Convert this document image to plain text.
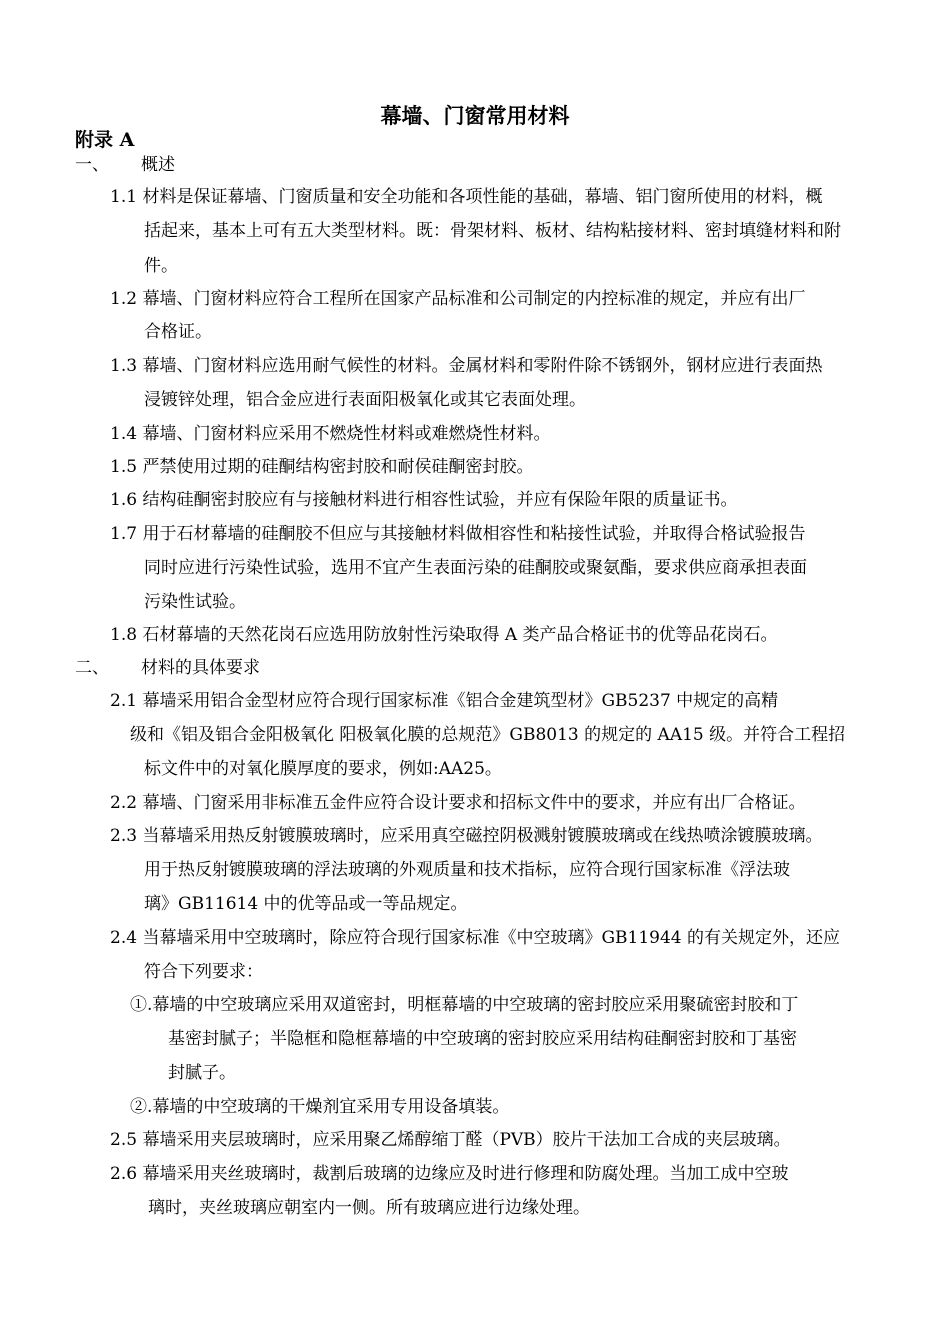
幕墙、门窗常用材料
附录 A
一、 概述
1.1 材料是保证幕墙、门窗质量和安全功能和各项性能的基础，幕墙、铝门窗所使用的材料，概
括起来，基本上可有五大类型材料。既：骨架材料、板材、结构粘接材料、密封填缝材料和附
件。
1.2 幕墙、门窗材料应符合工程所在国家产品标准和公司制定的内控标准的规定，并应有出厂
合格证。
1.3 幕墙、门窗材料应选用耐气候性的材料。金属材料和零附件除不锈钢外，钢材应进行表面热
浸镀锌处理，铝合金应进行表面阳极氧化或其它表面处理。
1.4 幕墙、门窗材料应采用不燃烧性材料或难燃烧性材料。
1.5 严禁使用过期的硅酮结构密封胶和耐侯硅酮密封胶。
1.6 结构硅酮密封胶应有与接触材料进行相容性试验，并应有保险年限的质量证书。
1.7 用于石材幕墙的硅酮胶不但应与其接触材料做相容性和粘接性试验，并取得合格试验报告
同时应进行污染性试验，选用不宜产生表面污染的硅酮胶或聚氨酯，要求供应商承担表面
污染性试验。
1.8 石材幕墙的天然花岗石应选用防放射性污染取得 A 类产品合格证书的优等品花岗石。
二、 材料的具体要求
2.1 幕墙采用铝合金型材应符合现行国家标准《铝合金建筑型材》GB5237 中规定的高精
级和《铝及铝合金阳极氧化 阳极氧化膜的总规范》GB8013 的规定的 AA15 级。并符合工程招
标文件中的对氧化膜厚度的要求，例如:AA25。
2.2 幕墙、门窗采用非标准五金件应符合设计要求和招标文件中的要求，并应有出厂合格证。
2.3 当幕墙采用热反射镀膜玻璃时，应采用真空磁控阴极溅射镀膜玻璃或在线热喷涂镀膜玻璃。
用于热反射镀膜玻璃的浮法玻璃的外观质量和技术指标，应符合现行国家标准《浮法玻
璃》GB11614 中的优等品或一等品规定。
2.4 当幕墙采用中空玻璃时，除应符合现行国家标准《中空玻璃》GB11944 的有关规定外，还应
符合下列要求：
①.幕墙的中空玻璃应采用双道密封，明框幕墙的中空玻璃的密封胶应采用聚硫密封胶和丁
基密封腻子；半隐框和隐框幕墙的中空玻璃的密封胶应采用结构硅酮密封胶和丁基密
封腻子。
②.幕墙的中空玻璃的干燥剂宜采用专用设备填装。
2.5 幕墙采用夹层玻璃时，应采用聚乙烯醇缩丁醛（PVB）胶片干法加工合成的夹层玻璃。
2.6 幕墙采用夹丝玻璃时，裁割后玻璃的边缘应及时进行修理和防腐处理。当加工成中空玻
璃时，夹丝玻璃应朝室内一侧。所有玻璃应进行边缘处理。
